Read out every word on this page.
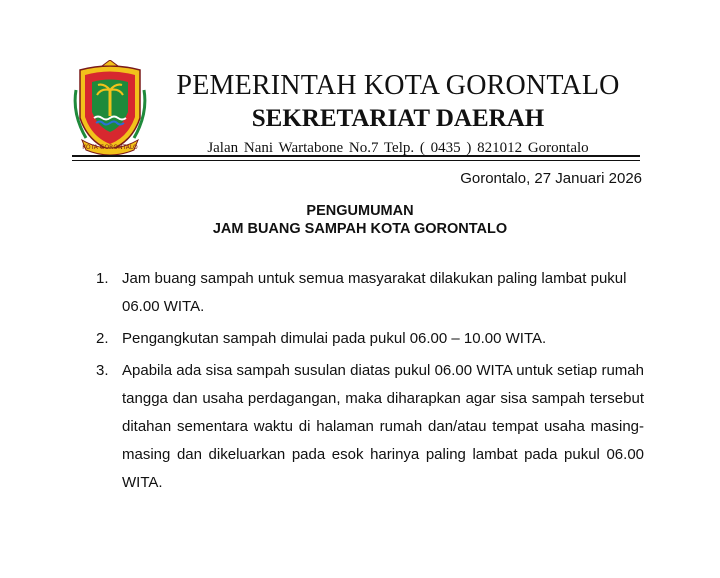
KOTA GORONTALO
PEMERINTAH KOTA GORONTALO
SEKRETARIAT DAERAH
Jalan Nani Wartabone No.7 Telp. ( 0435 ) 821012 Gorontalo
Gorontalo, 27 Januari 2026
PENGUMUMAN
JAM BUANG SAMPAH KOTA GORONTALO
1. Jam buang sampah untuk semua masyarakat dilakukan paling lambat pukul 06.00 WITA.
2. Pengangkutan sampah dimulai pada pukul 06.00 – 10.00 WITA.
3. Apabila ada sisa sampah susulan diatas pukul 06.00 WITA untuk setiap rumah tangga dan usaha perdagangan, maka diharapkan agar sisa sampah tersebut ditahan sementara waktu di halaman rumah dan/atau tempat usaha masing-masing dan dikeluarkan pada esok harinya paling lambat pada pukul 06.00 WITA.
